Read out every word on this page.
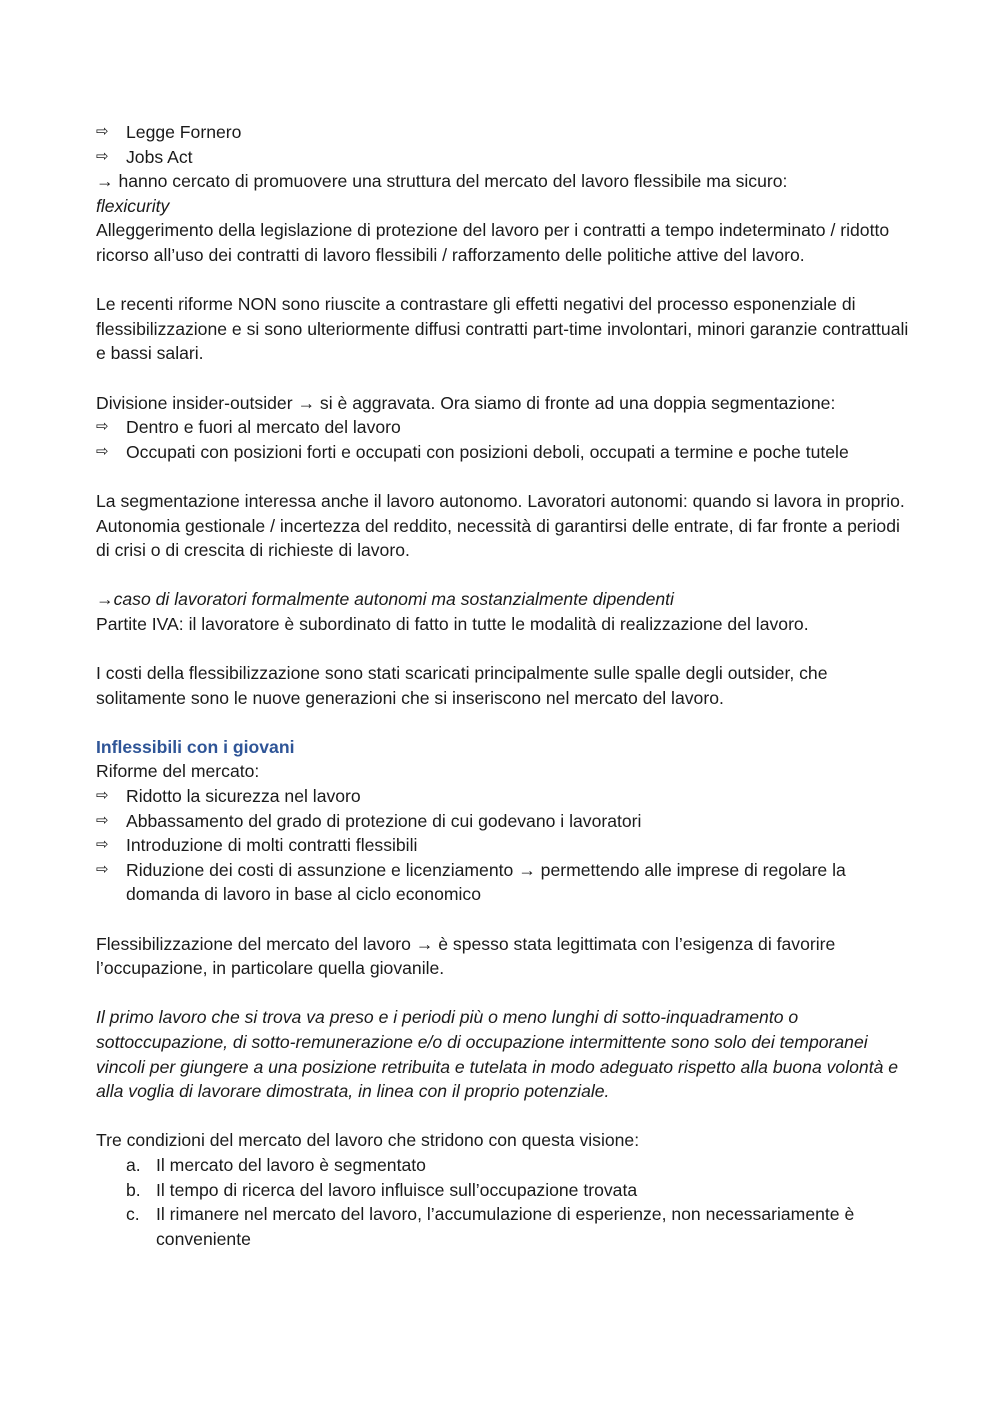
⇨ Legge Fornero
⇨ Jobs Act

→ hanno cercato di promuovere una struttura del mercato del lavoro flessibile ma sicuro:

flexicurity

Alleggerimento della legislazione di protezione del lavoro per i contratti a tempo indeterminato / ridotto ricorso all’uso dei contratti di lavoro flessibili / rafforzamento delle politiche attive del lavoro.

Le recenti riforme NON sono riuscite a contrastare gli effetti negativi del processo esponenziale di flessibilizzazione e si sono ulteriormente diffusi contratti part-time involontari, minori garanzie contrattuali e bassi salari.

Divisione insider-outsider → si è aggravata. Ora siamo di fronte ad una doppia segmentazione:

⇨ Dentro e fuori al mercato del lavoro
⇨ Occupati con posizioni forti e occupati con posizioni deboli, occupati a termine e poche tutele

La segmentazione interessa anche il lavoro autonomo. Lavoratori autonomi: quando si lavora in proprio.

Autonomia gestionale / incertezza del reddito, necessità di garantirsi delle entrate, di far fronte a periodi di crisi o di crescita di richieste di lavoro.

→caso di lavoratori formalmente autonomi ma sostanzialmente dipendenti

Partite IVA: il lavoratore è subordinato di fatto in tutte le modalità di realizzazione del lavoro.

I costi della flessibilizzazione sono stati scaricati principalmente sulle spalle degli outsider, che solitamente sono le nuove generazioni che si inseriscono nel mercato del lavoro.

Inflessibili con i giovani

Riforme del mercato:

⇨ Ridotto la sicurezza nel lavoro
⇨ Abbassamento del grado di protezione di cui godevano i lavoratori
⇨ Introduzione di molti contratti flessibili
⇨ Riduzione dei costi di assunzione e licenziamento → permettendo alle imprese di regolare la domanda di lavoro in base al ciclo economico

Flessibilizzazione del mercato del lavoro → è spesso stata legittimata con l’esigenza di favorire l’occupazione, in particolare quella giovanile.

Il primo lavoro che si trova va preso e i periodi più o meno lunghi di sotto-inquadramento o sottoccupazione, di sotto-remunerazione e/o di occupazione intermittente sono solo dei temporanei vincoli per giungere a una posizione retribuita e tutelata in modo adeguato rispetto alla buona volontà e alla voglia di lavorare dimostrata, in linea con il proprio potenziale.

Tre condizioni del mercato del lavoro che stridono con questa visione:

a. Il mercato del lavoro è segmentato
b. Il tempo di ricerca del lavoro influisce sull’occupazione trovata
c. Il rimanere nel mercato del lavoro, l’accumulazione di esperienze, non necessariamente è conveniente
